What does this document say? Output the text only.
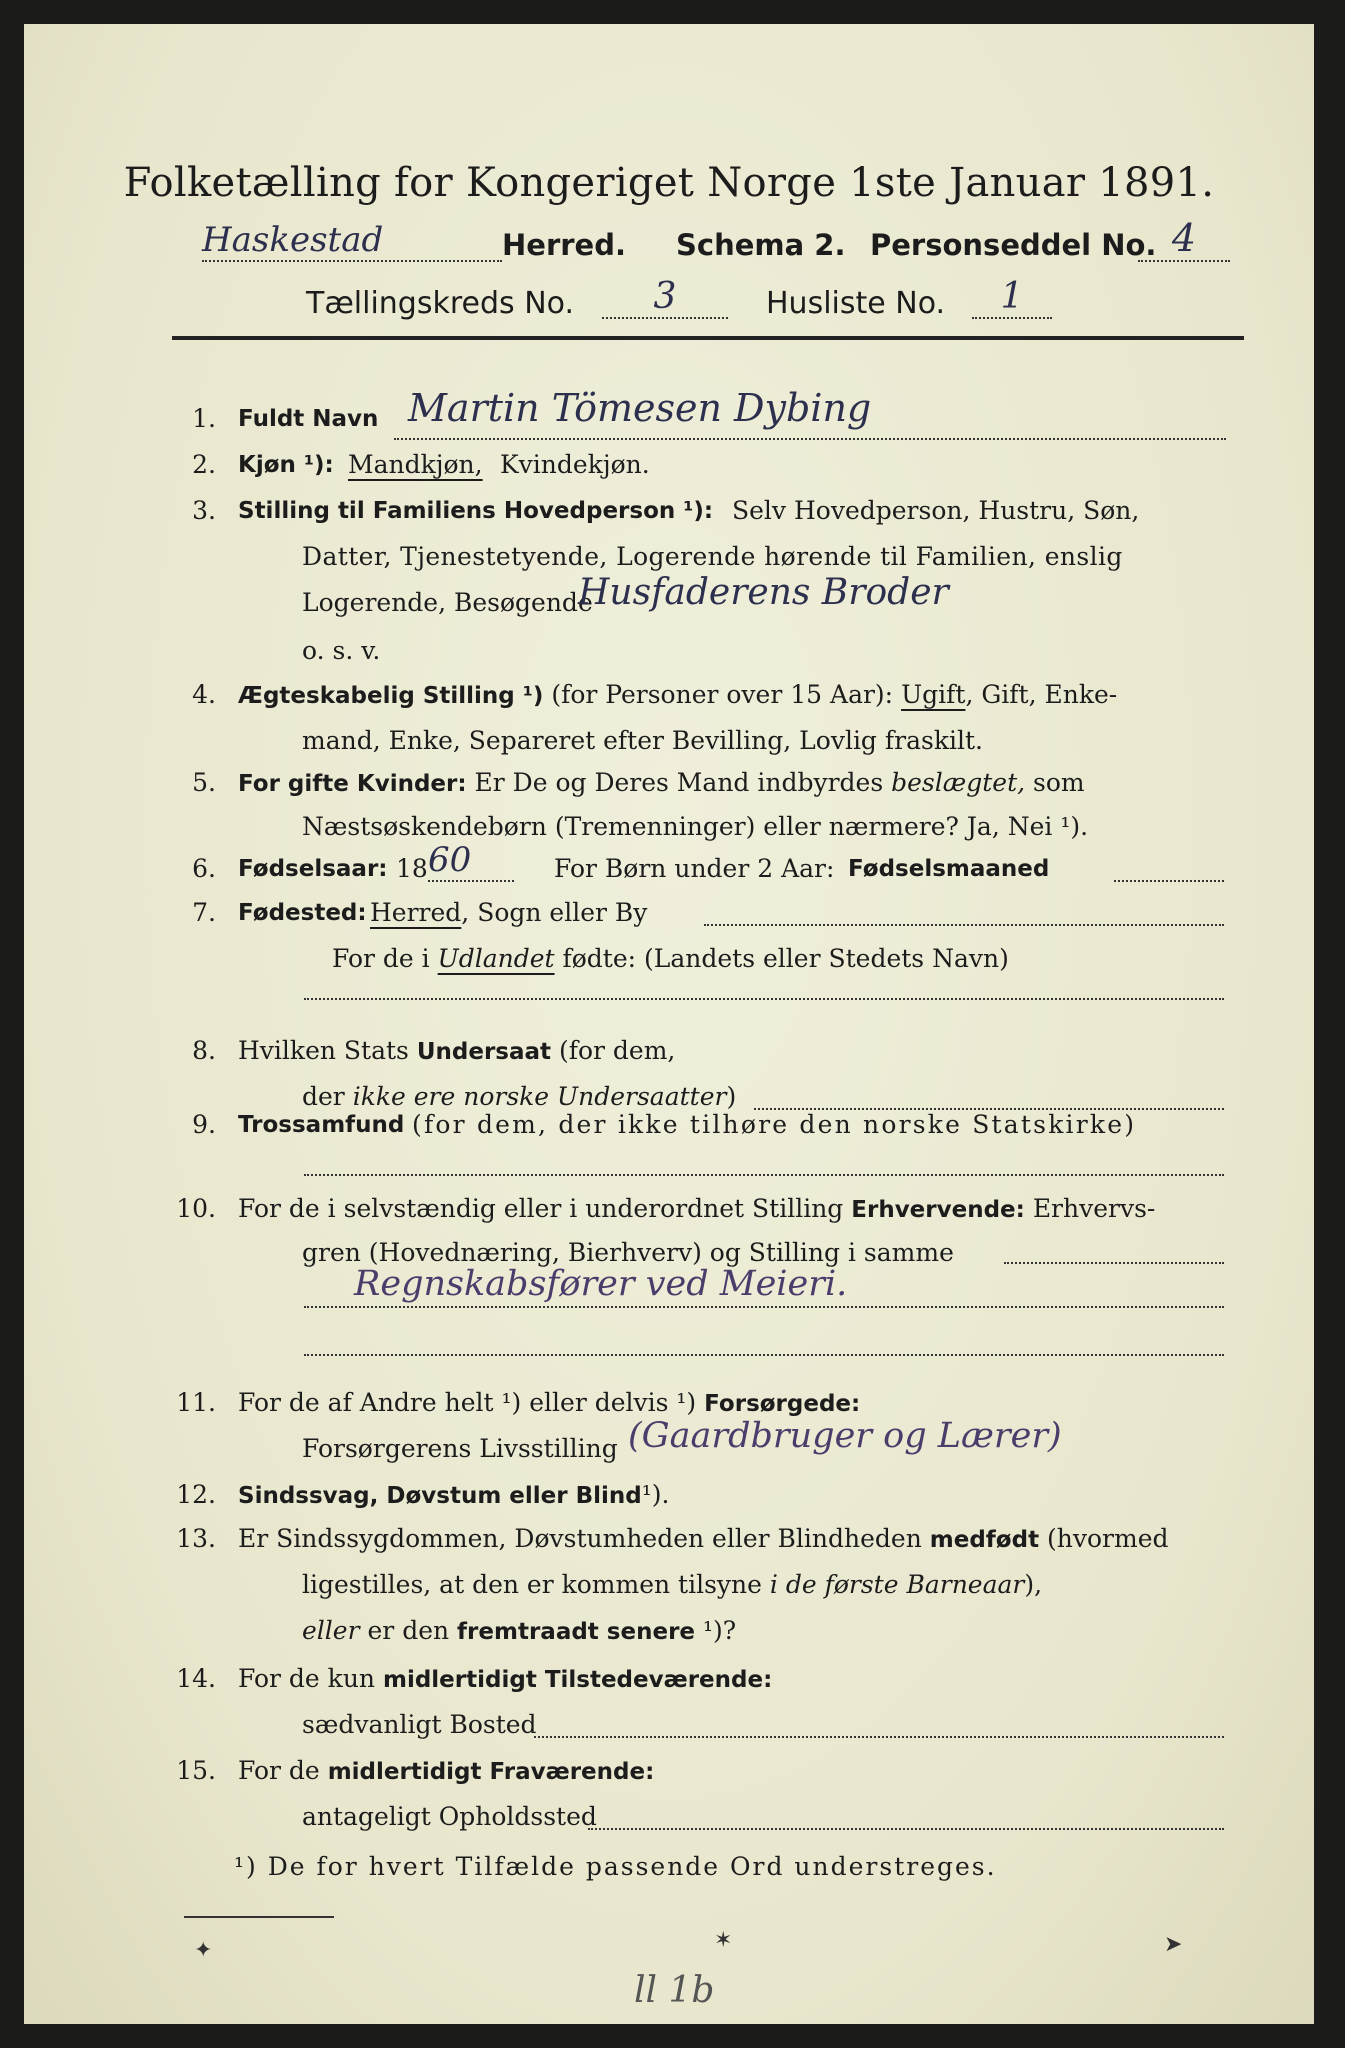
Folketælling for Kongeriget Norge 1ste Januar 1891.
Haskestad	Herred. Schema 2. Personseddel No. 4
Tællingskreds No.	3	Husliste No.	1
1. Fuldt Navn Martin Tömesen Dybing
2. Kjøn ¹): Mandkjøn, Kvindekjøn.
3. Stilling til Familiens Hovedperson ¹): Selv Hovedperson, Hustru, Søn,
Datter, Tjenestetyende, Logerende hørende til Familien, enslig
Logerende, Besøgende
Husfaderens Broder
o. s. v.
4. Ægteskabelig Stilling ¹) (for Personer over 15 Aar): Ugift, Gift, Enke-
mand, Enke, Separeret efter Bevilling, Lovlig fraskilt.
5. For gifte Kvinder: Er De og Deres Mand indbyrdes beslægtet, som
Næstsøskendebørn (Tremenninger) eller nærmere? Ja, Nei ¹).
6. Fødselsaar: 18 60	For Børn under 2 Aar: Fødselsmaaned
7. Fødested: Herred, Sogn eller By
For de i Udlandet fødte: (Landets eller Stedets Navn)
8. Hvilken Stats Undersaat (for dem,
der ikke ere norske Undersaatter)
9. Trossamfund (for dem, der ikke tilhøre den norske Statskirke)
10. For de i selvstændig eller i underordnet Stilling Erhvervende: Erhvervs-
gren (Hovednæring, Bierhverv) og Stilling i samme
Regnskabsfører ved Meieri.
11. For de af Andre helt ¹) eller delvis ¹) Forsørgede:
Forsørgerens Livsstilling (Gaardbruger og Lærer)
12. Sindssvag, Døvstum eller Blind¹).
13. Er Sindssygdommen, Døvstumheden eller Blindheden medfødt (hvormed
ligestilles, at den er kommen tilsyne i de første Barneaar),
eller er den fremtraadt senere ¹)?
14. For de kun midlertidigt Tilstedeværende:
sædvanligt Bosted
15. For de midlertidigt Fraværende:
antageligt Opholdssted
¹) De for hvert Tilfælde passende Ord understreges.
✦	✶	➤
ll 1b
